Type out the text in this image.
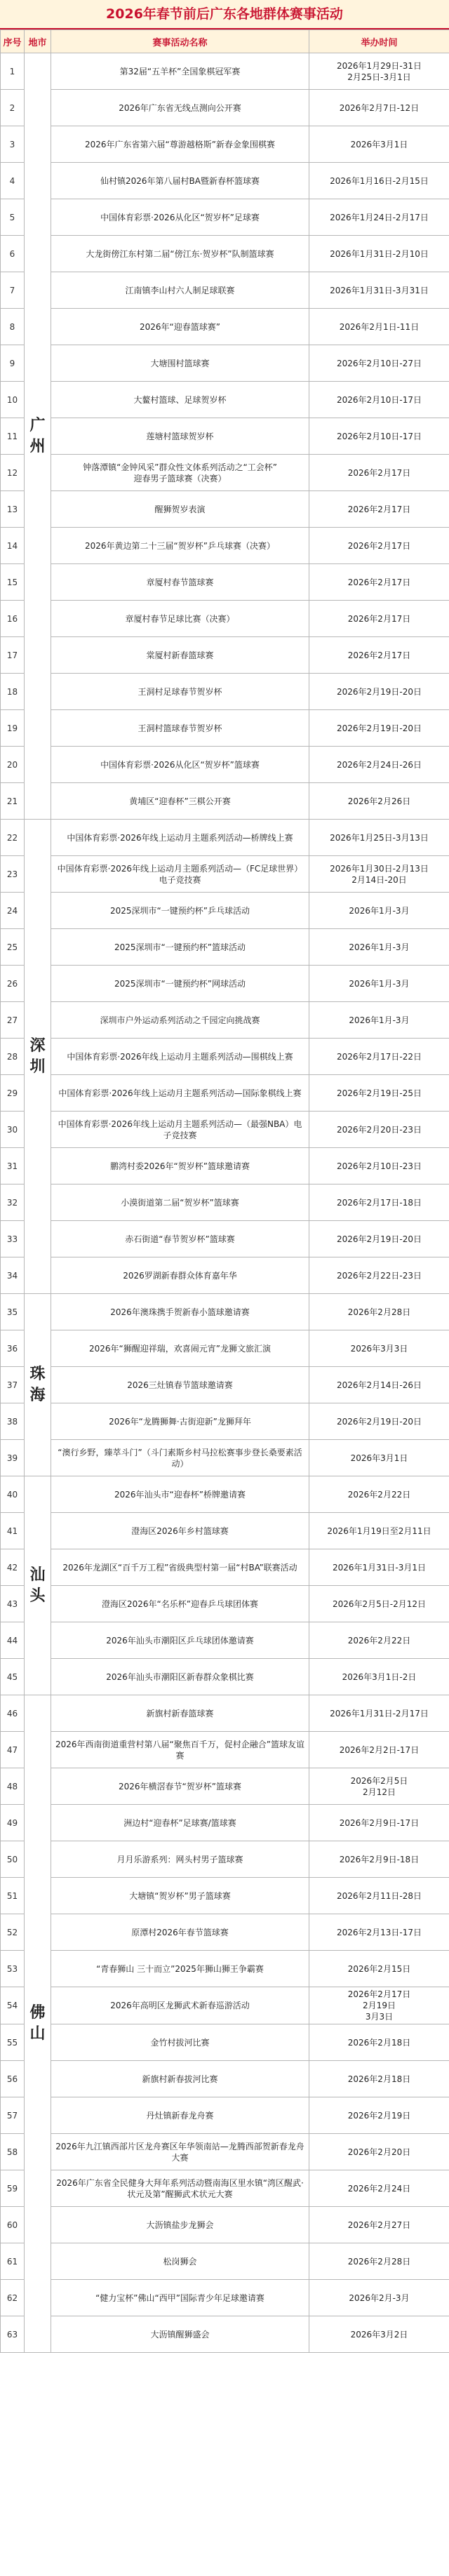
2026年春节前后广东各地群体赛事活动
序号	地市	赛事活动名称	举办时间
1	广州	第32届“五羊杯”全国象棋冠军赛	2026年1月29日-31日
2月25日-3月1日
2		2026年广东省无线点测向公开赛	2026年2月7日-12日
3		2026年广东省第六届“尊游越格斯”新春金象围棋赛	2026年3月1日
4		仙村镇2026年第八届村BA暨新春杯篮球赛	2026年1月16日-2月15日
5		中国体育彩票·2026从化区“贺岁杯”足球赛	2026年1月24日-2月17日
6		大龙街傍江东村第二届“傍江东·贺岁杯”队制篮球赛	2026年1月31日-2月10日
7		江南镇李山村六人制足球联赛	2026年1月31日-3月31日
8		2026年“迎春篮球赛”	2026年2月1日-11日
9		大塘围村篮球赛	2026年2月10日-27日
10		大鳌村篮球、足球贺岁杯	2026年2月10日-17日
11		莲塘村篮球贺岁杯	2026年2月10日-17日
12		钟落潭镇“金钟风采”群众性文体系列活动之“工会杯”
迎春男子篮球赛（决赛）	2026年2月17日
13		醒狮贺岁表演	2026年2月17日
14		2026年黄边第二十三届“贺岁杯”乒乓球赛（决赛）	2026年2月17日
15		章厦村春节篮球赛	2026年2月17日
16		章厦村春节足球比赛（决赛）	2026年2月17日
17		棠厦村新春篮球赛	2026年2月17日
18		王洞村足球春节贺岁杯	2026年2月19日-20日
19		王洞村篮球春节贺岁杯	2026年2月19日-20日
20		中国体育彩票·2026从化区“贺岁杯”篮球赛	2026年2月24日-26日
21		黄埔区“迎春杯”三棋公开赛	2026年2月26日
22	深圳	中国体育彩票·2026年线上运动月主题系列活动—桥牌线上赛	2026年1月25日-3月13日
23		中国体育彩票·2026年线上运动月主题系列活动—（FC足球世界）电子竞技赛	2026年1月30日-2月13日
2月14日-20日
24		2025深圳市“一键预约杯”乒乓球活动	2026年1月-3月
25		2025深圳市“一键预约杯”篮球活动	2026年1月-3月
26		2025深圳市“一键预约杯”网球活动	2026年1月-3月
27		深圳市户外运动系列活动之千园定向挑战赛	2026年1月-3月
28		中国体育彩票·2026年线上运动月主题系列活动—围棋线上赛	2026年2月17日-22日
29		中国体育彩票·2026年线上运动月主题系列活动—国际象棋线上赛	2026年2月19日-25日
30		中国体育彩票·2026年线上运动月主题系列活动—（最强NBA）电子竞技赛	2026年2月20日-23日
31		鹏湾村委2026年“贺岁杯”篮球邀请赛	2026年2月10日-23日
32		小漠街道第二届“贺岁杯”篮球赛	2026年2月17日-18日
33		赤石街道“春节贺岁杯”篮球赛	2026年2月19日-20日
34		2026罗湖新春群众体育嘉年华	2026年2月22日-23日
35	珠海	2026年澳珠携手贺新春小篮球邀请赛	2026年2月28日
36		2026年“狮醒迎祥瑞，欢喜闹元宵”龙狮文旅汇演	2026年3月3日
37		2026三灶镇春节篮球邀请赛	2026年2月14日-26日
38		2026年“龙腾狮舞·古街迎新”龙狮拜年	2026年2月19日-20日
39		“澳行乡野，臻萃斗门”（斗门素斯乡村马拉松赛事步登长桑要素活动）	2026年3月1日
40	汕头	2026年汕头市“迎春杯”桥牌邀请赛	2026年2月22日
41		澄海区2026年乡村篮球赛	2026年1月19日至2月11日
42		2026年龙湖区“百千万工程”省级典型村第一届“村BA”联赛活动	2026年1月31日-3月1日
43		澄海区2026年“名乐杯”迎春乒乓球团体赛	2026年2月5日-2月12日
44		2026年汕头市潮阳区乒乓球团体邀请赛	2026年2月22日
45		2026年汕头市潮阳区新春群众象棋比赛	2026年3月1日-2日
46	佛山	新旗村新春篮球赛	2026年1月31日-2月17日
47		2026年西南街道重营村第八届“聚焦百千万，促村企融合”篮球友谊赛	2026年2月2日-17日
48		2026年横滘春节“贺岁杯”篮球赛	2026年2月5日
2月12日
49		洲边村“迎春杯”足球赛/篮球赛	2026年2月9日-17日
50		月月乐游系列：网头村男子篮球赛	2026年2月9日-18日
51		大塘镇“贺岁杯”男子篮球赛	2026年2月11日-28日
52		原潭村2026年春节篮球赛	2026年2月13日-17日
53		“青春狮山 三十而立”2025年狮山狮王争霸赛	2026年2月15日
54		2026年高明区龙狮武术新春巡游活动	2026年2月17日
2月19日
3月3日
55		金竹村拔河比赛	2026年2月18日
56		新旗村新春拔河比赛	2026年2月18日
57		丹灶镇新春龙舟赛	2026年2月19日
58		2026年九江镇西部片区龙舟赛区年华领南站—龙腾西部贺新春龙舟大赛	2026年2月20日
59		2026年广东省全民健身大拜年系列活动暨南海区里水镇“湾区醒武·状元及第”醒狮武术状元大赛	2026年2月24日
60		大沥镇盐步龙狮会	2026年2月27日
61		松岗狮会	2026年2月28日
62		“健力宝杯”佛山“西甲”国际青少年足球邀请赛	2026年2月-3月
63		大沥镇醒狮盛会	2026年3月2日
